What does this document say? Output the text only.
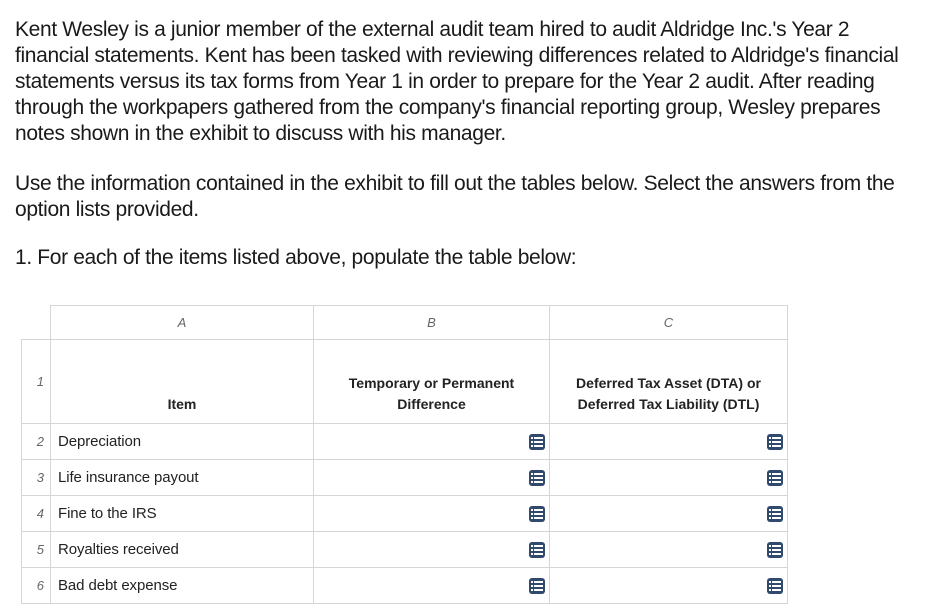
Kent Wesley is a junior member of the external audit team hired to audit Aldridge Inc.'s Year 2 financial statements. Kent has been tasked with reviewing differences related to Aldridge's financial statements versus its tax forms from Year 1 in order to prepare for the Year 2 audit. After reading through the workpapers gathered from the company's financial reporting group, Wesley prepares notes shown in the exhibit to discuss with his manager.

Use the information contained in the exhibit to fill out the tables below. Select the answers from the option lists provided.

1. For each of the items listed above, populate the table below:

	A	B	C
1	Item	Temporary or Permanent Difference	Deferred Tax Asset (DTA) or Deferred Tax Liability (DTL)
2	Depreciation	

3	Life insurance payout	

4	Fine to the IRS	

5	Royalties received	

6	Bad debt expense	
